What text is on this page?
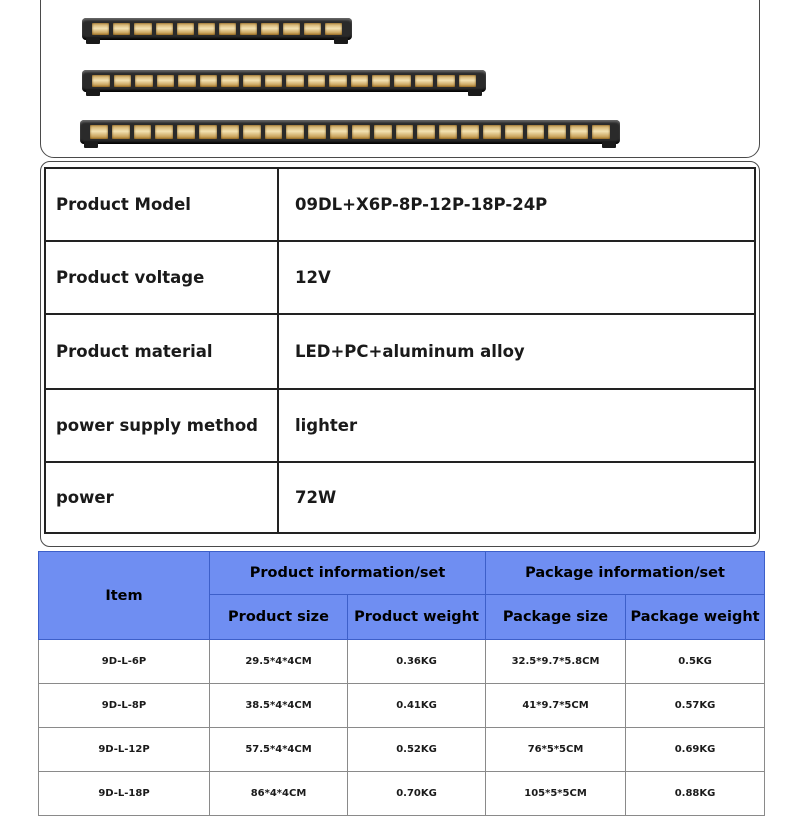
Product Model	09DL+X6P-8P-12P-18P-24P
Product voltage	12V
Product material	LED+PC+aluminum alloy
power supply method	lighter
power	72W
Item	Product information/set		Package information/set	
	Product size	Product weight	Package size	Package weight
9D-L-6P	29.5*4*4CM	0.36KG	32.5*9.7*5.8CM	0.5KG
9D-L-8P	38.5*4*4CM	0.41KG	41*9.7*5CM	0.57KG
9D-L-12P	57.5*4*4CM	0.52KG	76*5*5CM	0.69KG
9D-L-18P	86*4*4CM	0.70KG	105*5*5CM	0.88KG
